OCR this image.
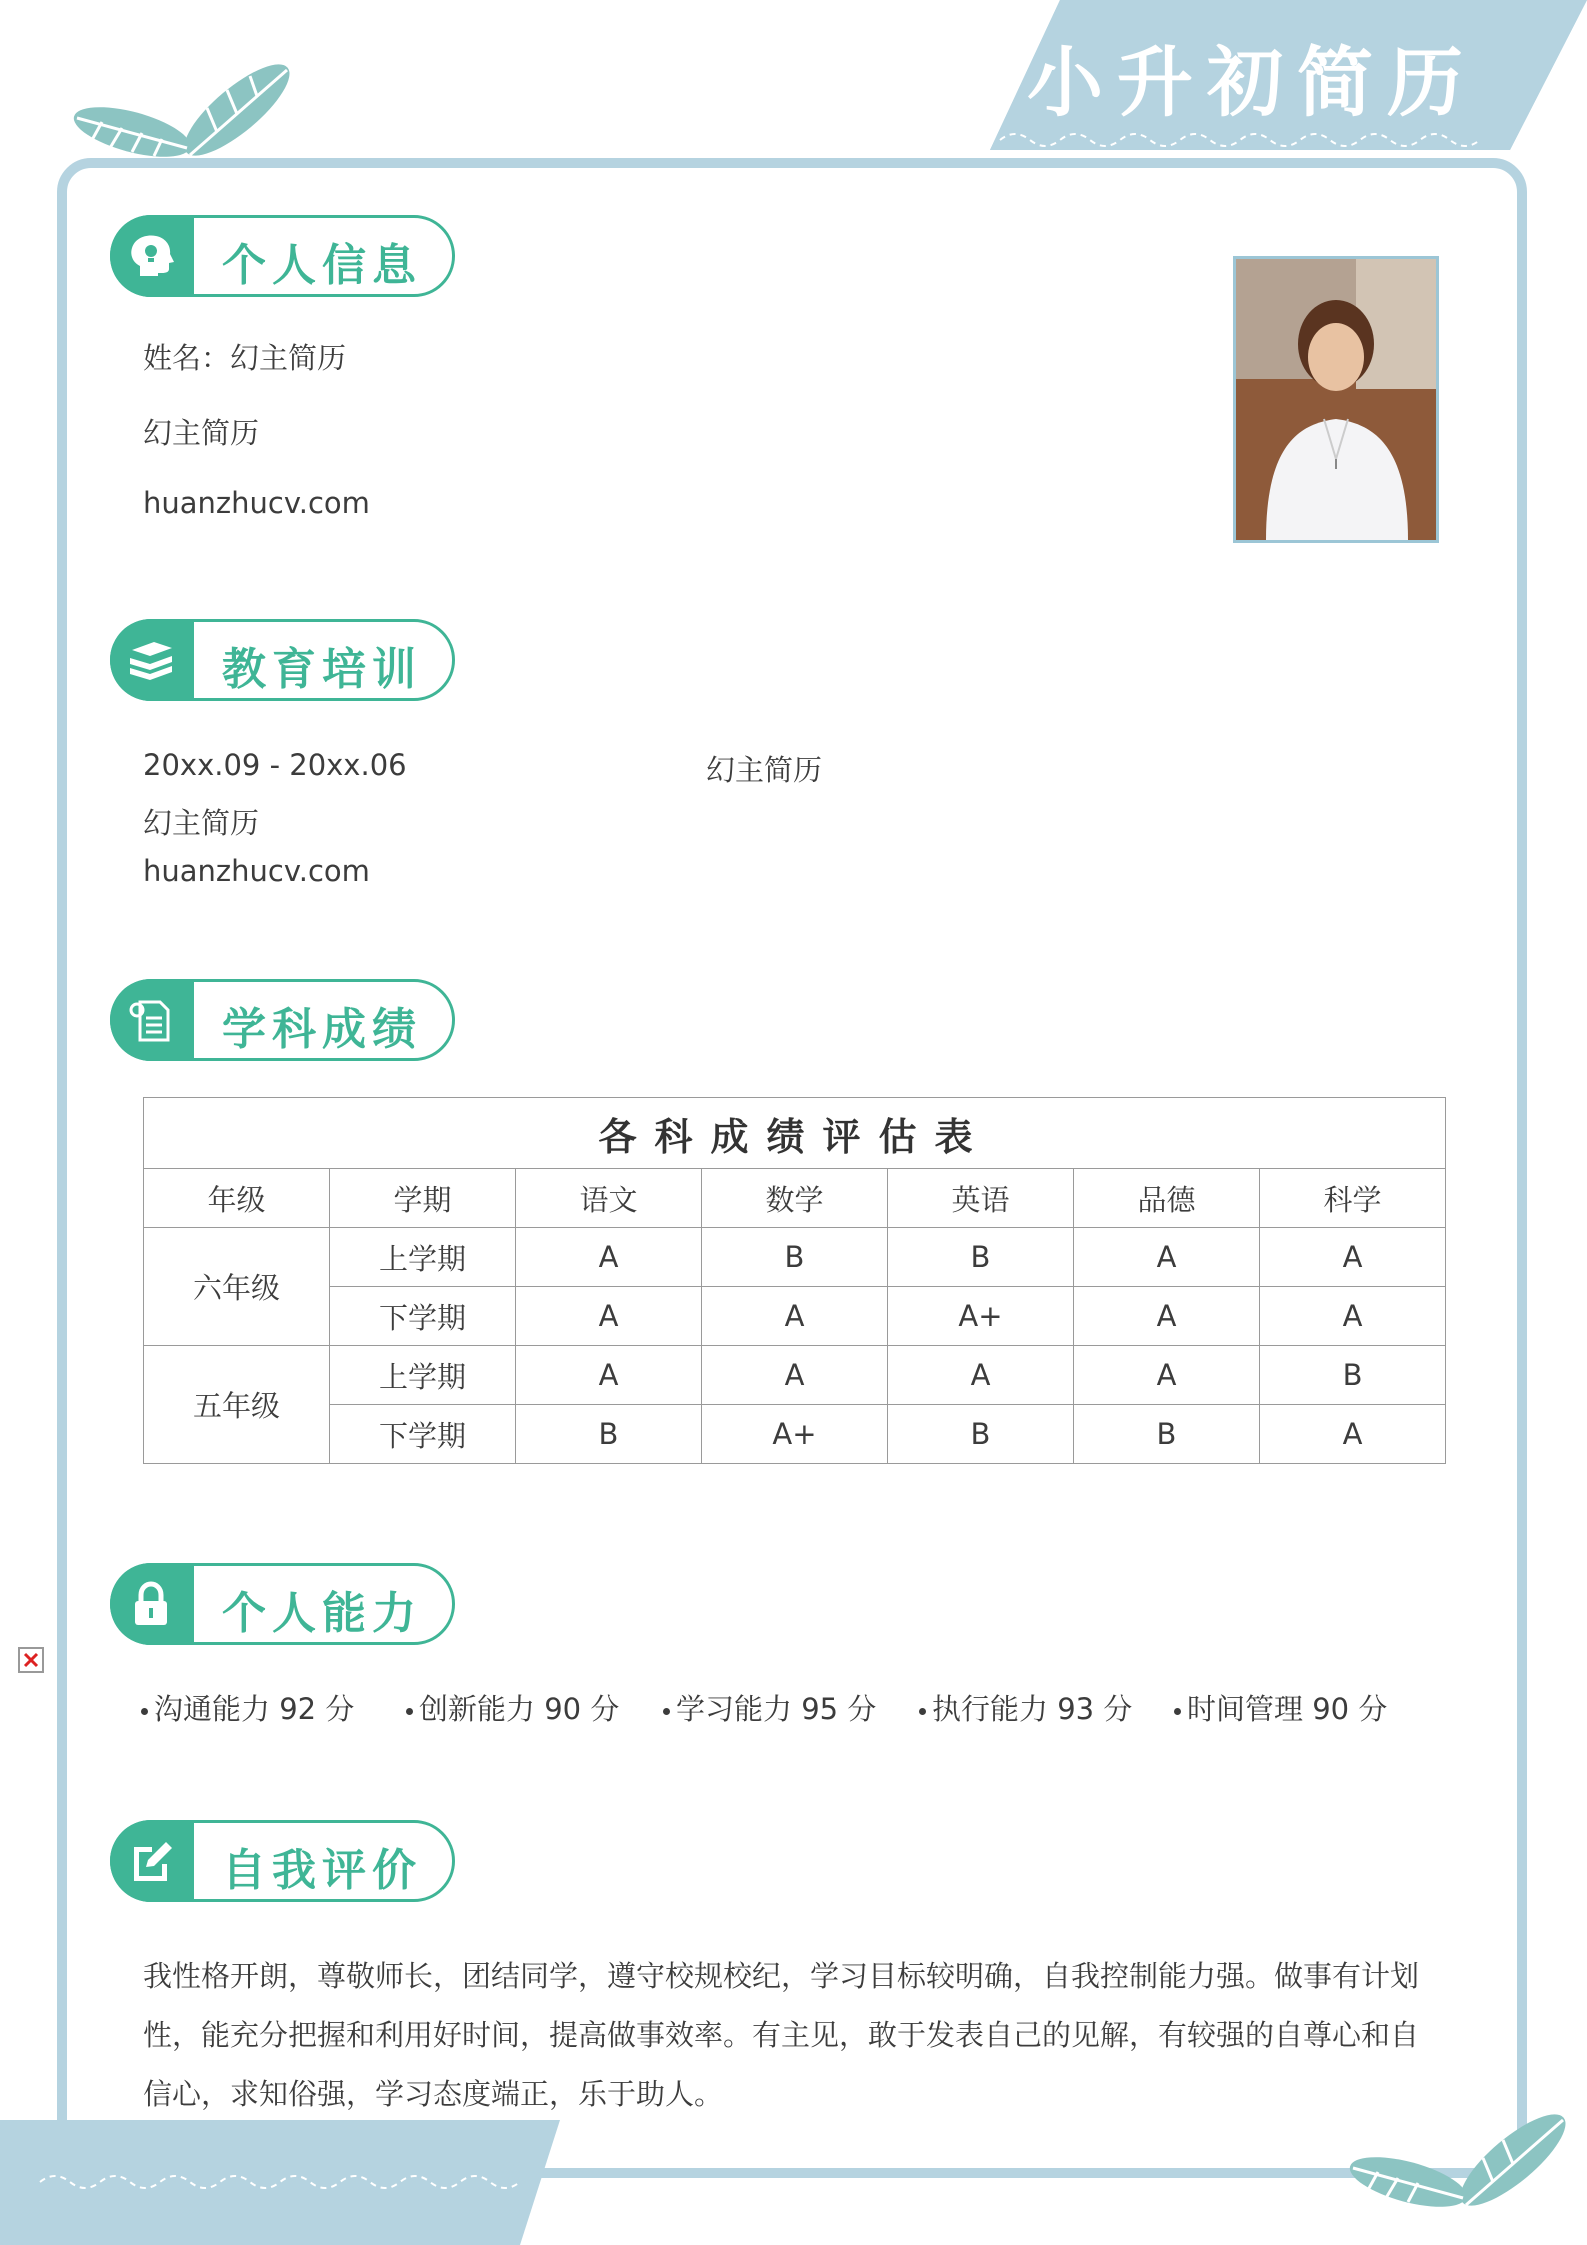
小升初简历
个人信息
姓名：幻主简历
幻主简历
huanzhucv.com
教育培训
20xx.09 - 20xx.06	幻主简历
幻主简历
huanzhucv.com
学科成绩
各科成绩评估表						
年级	学期	语文	数学	英语	品德	科学
六年级	上学期	A	B	B	A	A
	下学期	A	A	A+	A	A
五年级	上学期	A	A	A	A	B
	下学期	B	A+	B	B	A
个人能力
沟通能力 92 分	创新能力 90 分	学习能力 95 分	执行能力 93 分	时间管理 90 分
自我评价
我性格开朗，尊敬师长，团结同学，遵守校规校纪，学习目标较明确，自我控制能力强。做事有计划性，能充分把握和利用好时间，提高做事效率。有主见，敢于发表自己的见解，有较强的自尊心和自信心，求知俗强，学习态度端正，乐于助人。
